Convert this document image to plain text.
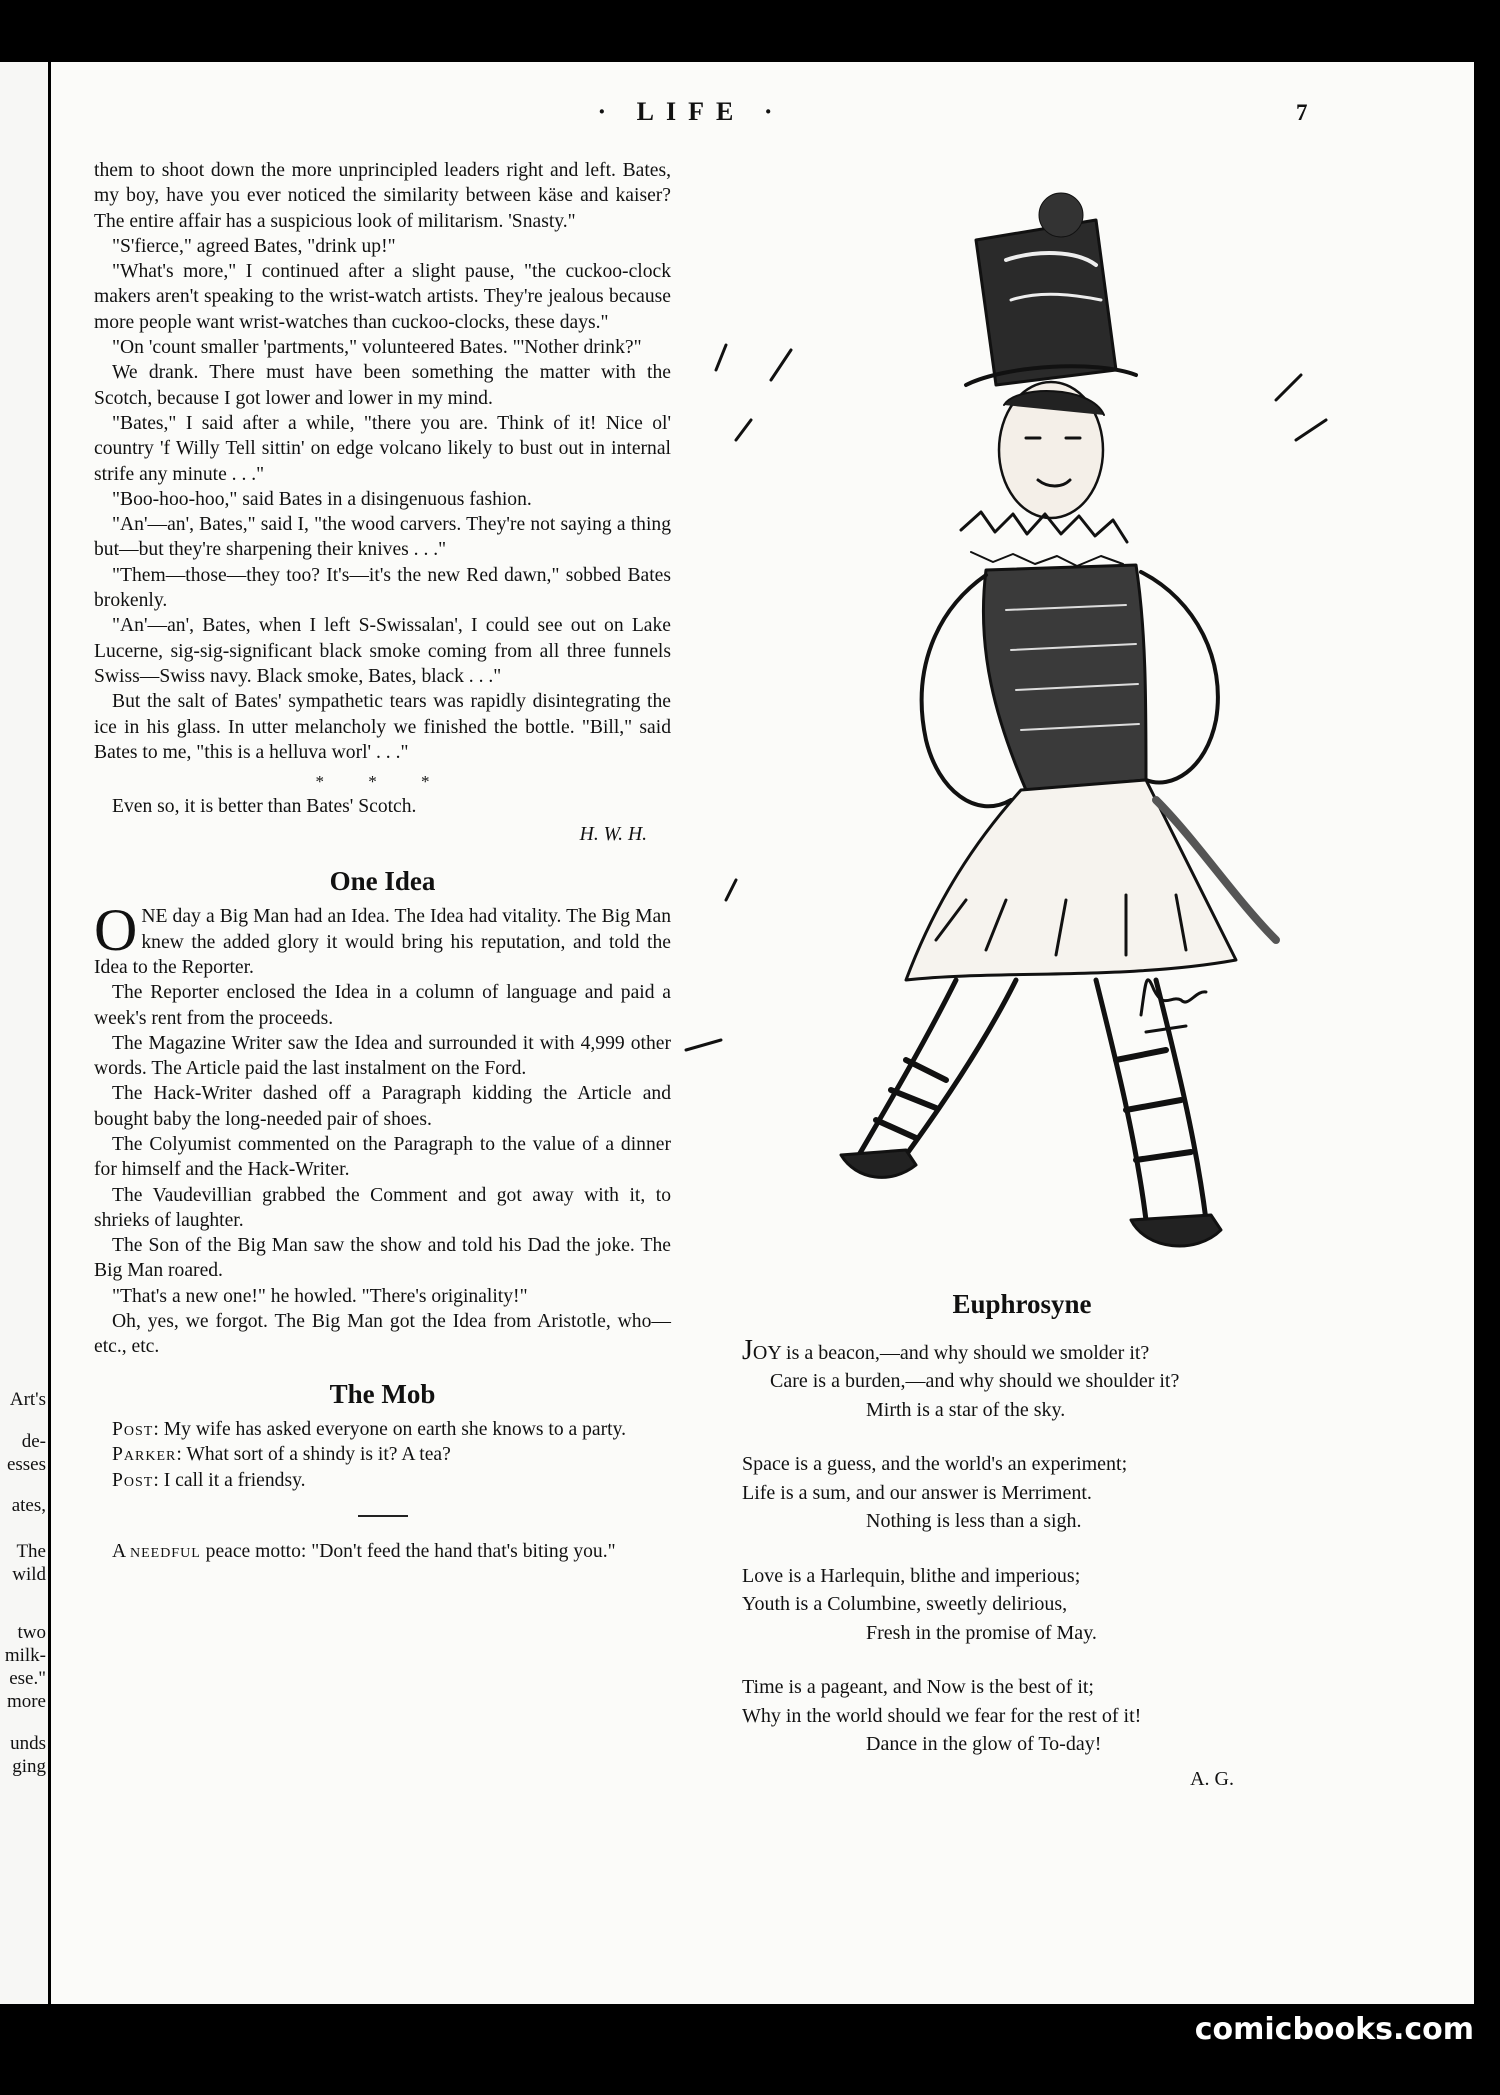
Art's
de-
esses
ates,
The
wild
two
milk-
ese."
more
unds
ging
· LIFE ·	7

them to shoot down the more unprincipled leaders right and left. Bates, my boy, have you ever noticed the similarity between käse and kaiser? The entire affair has a suspicious look of militarism. 'Snasty."

"S'fierce," agreed Bates, "drink up!"

"What's more," I continued after a slight pause, "the cuckoo-clock makers aren't speaking to the wrist-watch artists. They're jealous because more people want wrist-watches than cuckoo-clocks, these days."

"On 'count smaller 'partments," volunteered Bates. "'Nother drink?"

We drank. There must have been something the matter with the Scotch, because I got lower and lower in my mind.

"Bates," I said after a while, "there you are. Think of it! Nice ol' country 'f Willy Tell sittin' on edge volcano likely to bust out in internal strife any minute . . ."

"Boo-hoo-hoo," said Bates in a disingenuous fashion.

"An'—an', Bates," said I, "the wood carvers. They're not saying a thing but—but they're sharpening their knives . . ."

"Them—those—they too? It's—it's the new Red dawn," sobbed Bates brokenly.

"An'—an', Bates, when I left S-Swissalan', I could see out on Lake Lucerne, sig-sig-significant black smoke coming from all three funnels Swiss—Swiss navy. Black smoke, Bates, black . . ."

But the salt of Bates' sympathetic tears was rapidly disintegrating the ice in his glass. In utter melancholy we finished the bottle. "Bill," said Bates to me, "this is a helluva worl' . . ."

* * *

Even so, it is better than Bates' Scotch.

H. W. H.
One Idea

ONE day a Big Man had an Idea. The Idea had vitality. The Big Man knew the added glory it would bring his reputation, and told the Idea to the Reporter.

The Reporter enclosed the Idea in a column of language and paid a week's rent from the proceeds.

The Magazine Writer saw the Idea and surrounded it with 4,999 other words. The Article paid the last instalment on the Ford.

The Hack-Writer dashed off a Paragraph kidding the Article and bought baby the long-needed pair of shoes.

The Colyumist commented on the Paragraph to the value of a dinner for himself and the Hack-Writer.

The Vaudevillian grabbed the Comment and got away with it, to shrieks of laughter.

The Son of the Big Man saw the show and told his Dad the joke. The Big Man roared.

"That's a new one!" he howled. "There's originality!"

Oh, yes, we forgot. The Big Man got the Idea from Aristotle, who—etc., etc.

The Mob

Post: My wife has asked everyone on earth she knows to a party.

Parker: What sort of a shindy is it? A tea?

Post: I call it a friendsy.

A needful peace motto: "Don't feed the hand that's biting you."

R—C
Euphrosyne
JOY is a beacon,—and why should we smolder it?
Care is a burden,—and why should we shoulder it?
Mirth is a star of the sky.
Space is a guess, and the world's an experiment;
Life is a sum, and our answer is Merriment.
Nothing is less than a sigh.
Love is a Harlequin, blithe and imperious;
Youth is a Columbine, sweetly delirious,
Fresh in the promise of May.
Time is a pageant, and Now is the best of it;
Why in the world should we fear for the rest of it!
Dance in the glow of To-day!
A. G.
comicbooks.com
